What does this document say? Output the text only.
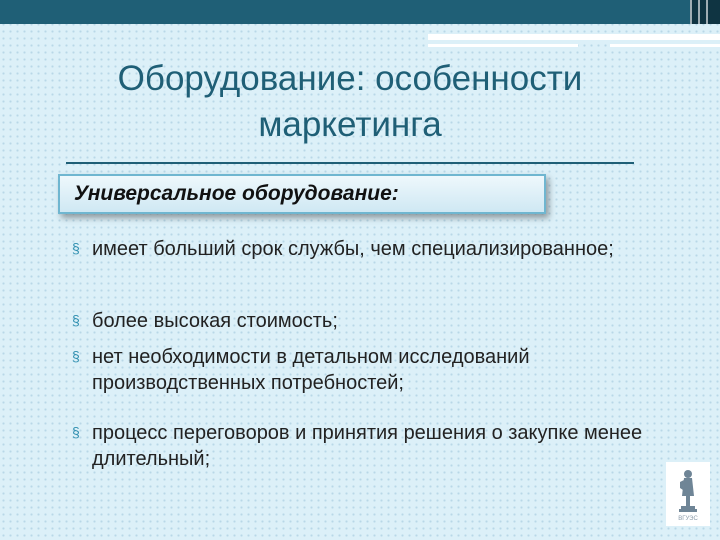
Оборудование: особенности
маркетинга
Универсальное оборудование:
§ имеет больший срок службы, чем специализированное;
§ более высокая стоимость;
§ нет необходимости в детальном исследований производственных потребностей;
§ процесс переговоров и принятия решения о закупке менее длительный;
ВГУЭС
